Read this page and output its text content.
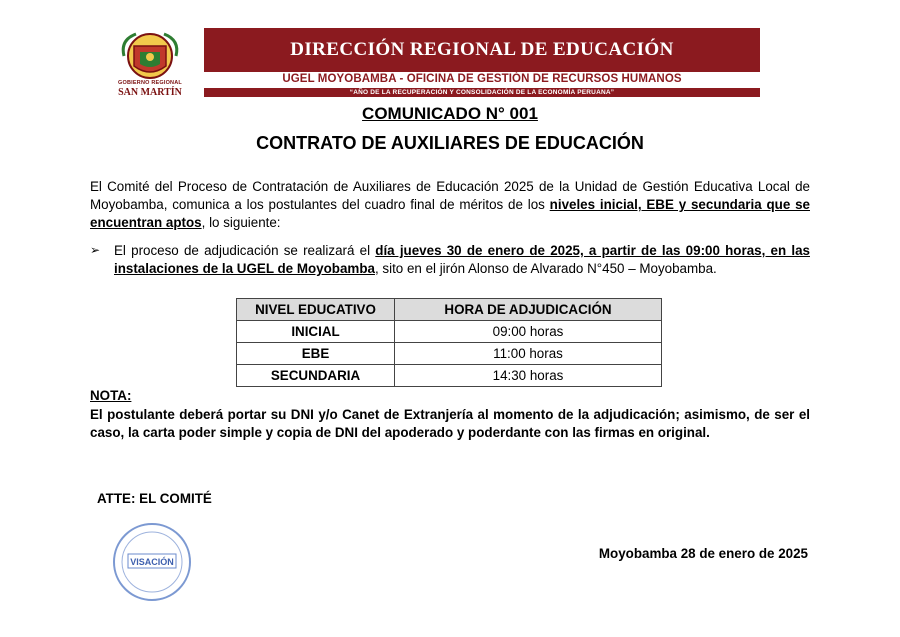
GOBIERNO REGIONAL
SAN MARTÍN
DIRECCIÓN REGIONAL DE EDUCACIÓN
UGEL MOYOBAMBA - OFICINA DE GESTIÓN DE RECURSOS HUMANOS
“AÑO DE LA RECUPERACIÓN Y CONSOLIDACIÓN DE LA ECONOMÍA PERUANA”
COMUNICADO N° 001
CONTRATO DE AUXILIARES DE EDUCACIÓN
El Comité del Proceso de Contratación de Auxiliares de Educación 2025 de la Unidad de Gestión Educativa Local de Moyobamba, comunica a los postulantes del cuadro final de méritos de los niveles inicial, EBE y secundaria que se encuentran aptos, lo siguiente:
➢ El proceso de adjudicación se realizará el día jueves 30 de enero de 2025, a partir de las 09:00 horas, en las instalaciones de la UGEL de Moyobamba, sito en el jirón Alonso de Alvarado N°450 – Moyobamba.
NIVEL EDUCATIVO	HORA DE ADJUDICACIÓN
INICIAL	09:00 horas
EBE	11:00 horas
SECUNDARIA	14:30 horas
NOTA:
El postulante deberá portar su DNI y/o Canet de Extranjería al momento de la adjudicación; asimismo, de ser el caso, la carta poder simple y copia de DNI del apoderado y poderdante con las firmas en original.
ATTE: EL COMITÉ
VISACIÓN
Moyobamba 28 de enero de 2025
